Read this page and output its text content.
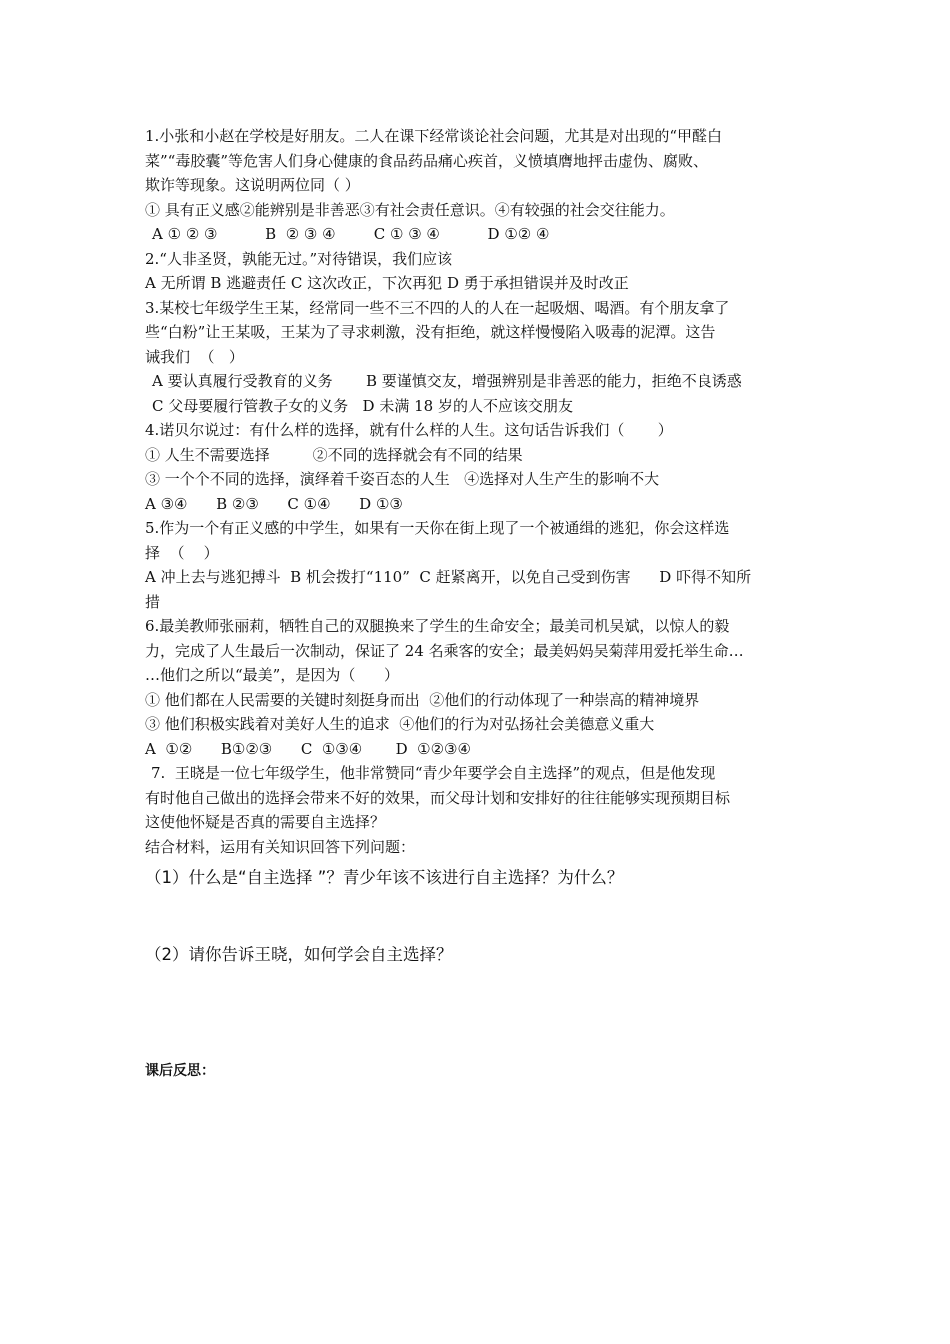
1.小张和小赵在学校是好朋友。二人在课下经常谈论社会问题，尤其是对出现的“甲醛白
菜”“毒胶囊”等危害人们身心健康的食品药品痛心疾首，义愤填膺地抨击虚伪、腐败、
欺诈等现象。这说明两位同（ ）
① 具有正义感②能辨别是非善恶③有社会责任意识。④有较强的社会交往能力。
A ① ② ③          B  ② ③ ④        C ① ③ ④          D ①② ④
2.“人非圣贤，孰能无过。”对待错误，我们应该
A 无所谓 B 逃避责任 C 这次改正，下次再犯 D 勇于承担错误并及时改正
3.某校七年级学生王某，经常同一些不三不四的人的人在一起吸烟、喝酒。有个朋友拿了
些“白粉”让王某吸，王某为了寻求刺激，没有拒绝，就这样慢慢陷入吸毒的泥潭。这告
诫我们  （   ）
A 要认真履行受教育的义务       B 要谨慎交友，增强辨别是非善恶的能力，拒绝不良诱惑
C 父母要履行管教子女的义务   D 未满 18 岁的人不应该交朋友
4.诺贝尔说过：有什么样的选择，就有什么样的人生。这句话告诉我们（       ）
① 人生不需要选择         ②不同的选择就会有不同的结果
③ 一个个不同的选择，演绎着千姿百态的人生   ④选择对人生产生的影响不大
A ③④      B ②③      C ①④      D ①③
5.作为一个有正义感的中学生，如果有一天你在街上现了一个被通缉的逃犯，你会这样选
择  （    ）
A 冲上去与逃犯搏斗  B 机会拨打“110”  C 赶紧离开，以免自己受到伤害      D 吓得不知所
措
6.最美教师张丽莉，牺牲自己的双腿换来了学生的生命安全；最美司机吴斌，以惊人的毅
力，完成了人生最后一次制动，保证了 24 名乘客的安全；最美妈妈吴菊萍用爱托举生命…
…他们之所以“最美”，是因为（      ）
① 他们都在人民需要的关键时刻挺身而出  ②他们的行动体现了一种崇高的精神境界
③ 他们积极实践着对美好人生的追求  ④他们的行为对弘扬社会美德意义重大
A  ①②      B①②③      C  ①③④       D  ①②③④
7.  王晓是一位七年级学生，他非常赞同“青少年要学会自主选择”的观点，但是他发现
有时他自己做出的选择会带来不好的效果，而父母计划和安排好的往往能够实现预期目标
这使他怀疑是否真的需要自主选择？
结合材料，运用有关知识回答下列问题：
（1）什么是“自主选择 ”？青少年该不该进行自主选择？为什么？
（2）请你告诉王晓，如何学会自主选择？
课后反思：
